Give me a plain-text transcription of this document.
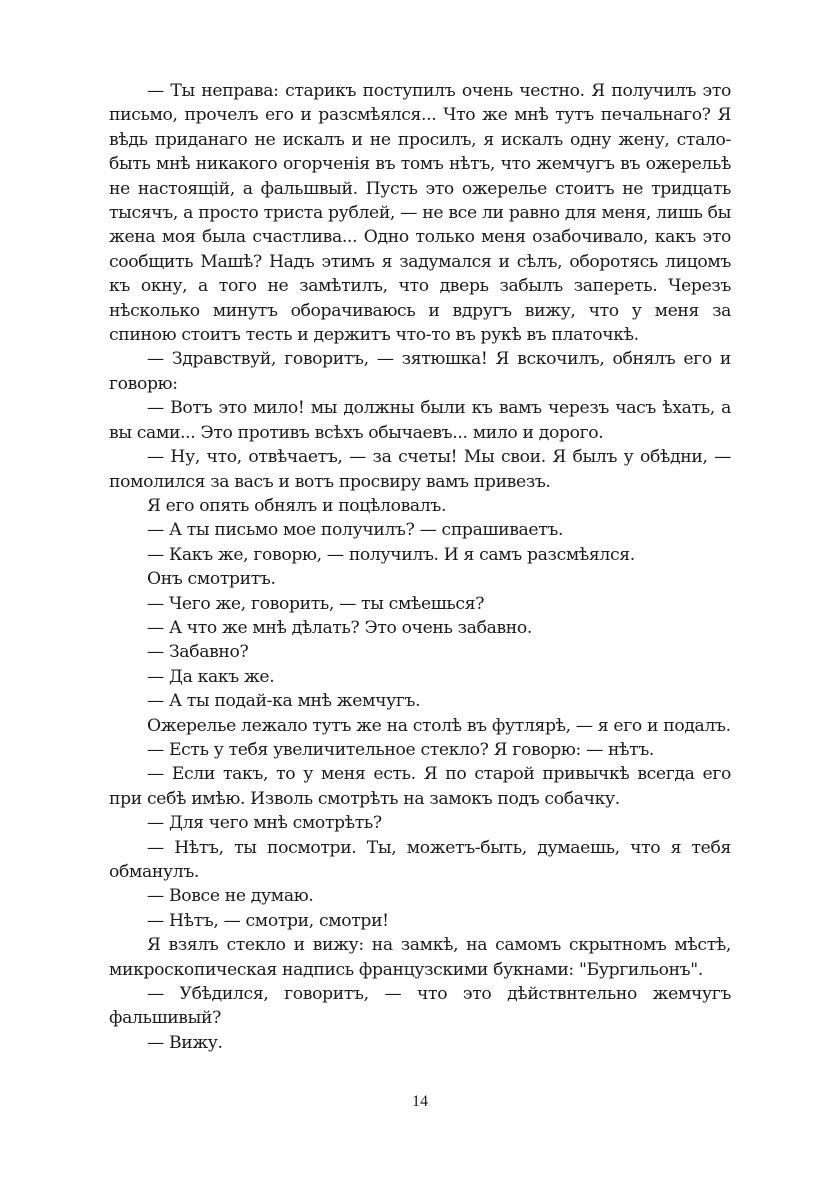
— Ты неправа: старикъ поступилъ очень честно. Я получилъ это письмо, прочелъ его и разсмѣялся... Что же мнѣ тутъ печальнаго? Я вѣдь приданаго не искалъ и не просилъ, я искалъ одну жену, стало-быть мнѣ никакого огорченія въ томъ нѣтъ, что жемчугъ въ ожерельѣ не настоящій, а фальшвый. Пусть это ожерелье стоитъ не тридцать тысячъ, а просто триста рублей, — не все ли равно для меня, лишь бы жена моя была счастлива... Одно только меня озабочивало, какъ это сообщить Машѣ? Надъ этимъ я задумался и сѣлъ, оборотясь лицомъ къ окну, а того не замѣтилъ, что дверь забылъ запереть. Черезъ нѣсколько минутъ оборачиваюсь и вдругъ вижу, что у меня за спиною стоитъ тесть и держитъ что-то въ рукѣ въ платочкѣ.

— Здравствуй, говоритъ, — зятюшка! Я вскочилъ, обнялъ его и говорю:

— Вотъ это мило! мы должны были къ вамъ черезъ часъ ѣхать, а вы сами... Это противъ всѣхъ обычаевъ... мило и дорого.

— Ну, что, отвѣчаетъ, — за счеты! Мы свои. Я былъ у обѣдни, — помолился за васъ и вотъ просвиру вамъ привезъ.

Я его опять обнялъ и поцѣловалъ.

— А ты письмо мое получилъ? — спрашиваетъ.

— Какъ же, говорю, — получилъ. И я самъ разсмѣялся.

Онъ смотритъ.

— Чего же, говорить, — ты смѣешься?

— А что же мнѣ дѣлать? Это очень забавно.

— Забавно?

— Да какъ же.

— А ты подай-ка мнѣ жемчугъ.

Ожерелье лежало тутъ же на столѣ въ футлярѣ, — я его и подалъ.

— Есть у тебя увеличительное стекло? Я говорю: — нѣтъ.

— Если такъ, то у меня есть. Я по старой привычкѣ всегда его при себѣ имѣю. Изволь смотрѣть на замокъ подъ собачку.

— Для чего мнѣ смотрѣть?

— Нѣтъ, ты посмотри. Ты, можетъ-быть, думаешь, что я тебя обманулъ.

— Вовсе не думаю.

— Нѣтъ, — смотри, смотри!

Я взялъ стекло и вижу: на замкѣ, на самомъ скрытномъ мѣстѣ, микроскопическая надпись французскими букнами: "Бургильонъ".

— Убѣдился, говоритъ, — что это дѣйствнтельно жемчугъ фальшивый?

— Вижу.

14
